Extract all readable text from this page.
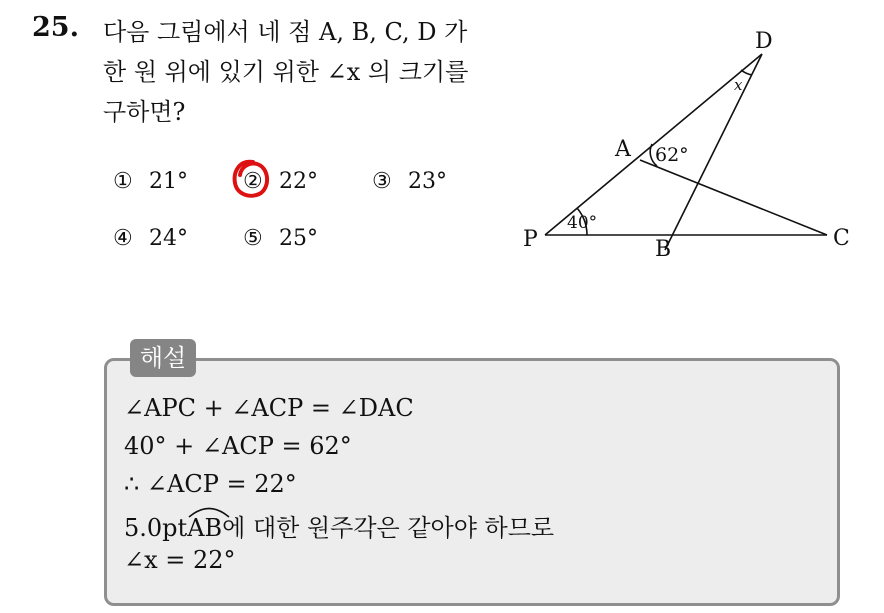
25. 다음 그림에서 네 점 A, B, C, D 가
한 원 위에 있기 위한 ∠x 의 크기를
구하면?
① 21°	② 22° ③ 23°
④ 24°	⑤ 25°
D
A
P	B	C
x
62°
40°
해설
∠APC + ∠ACP = ∠DAC
40° + ∠ACP = 62°
∴ ∠ACP = 22°
5.0pt
AB에 대한 원주각은 같아야 하므로
∠x = 22°
